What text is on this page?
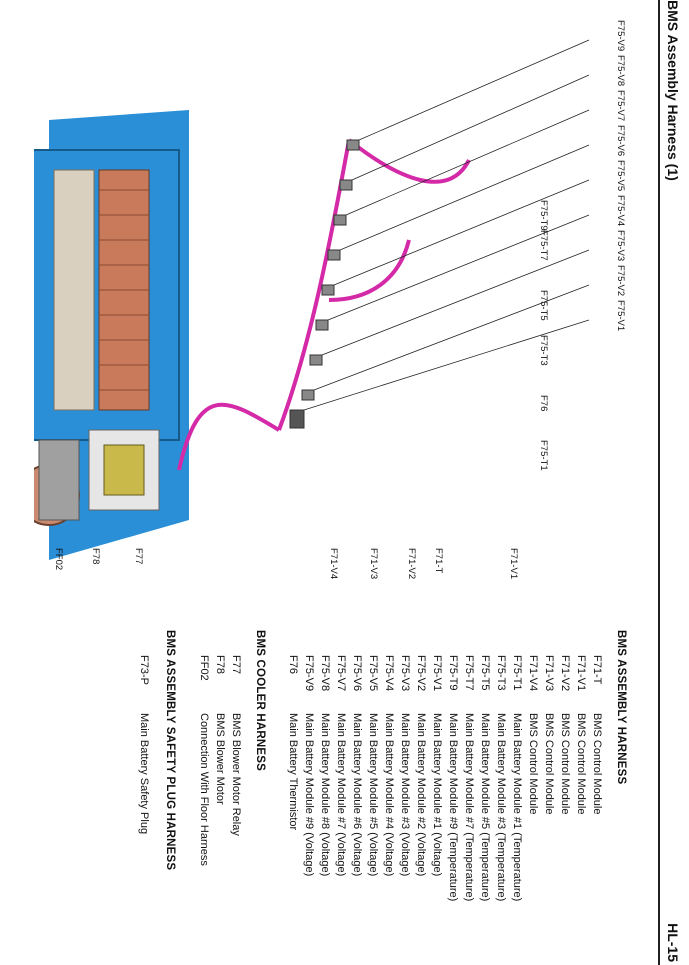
BMS Assembly Harness (1)
HL-15
F75-V9
F75-V8
F75-V7
F75-V6
F75-V5
F75-V4
F75-V3
F75-V2
F75-V1
F75-T9
F75-T7
F75-T5
F75-T3
F76
F75-T1
F71-V1
F71-T
F71-V2
F71-V3
F71-V4
F77
F78
FF02
BMS ASSEMBLY HARNESS
F71-T
BMS Control Module
F71-V1
BMS Control Module
F71-V2
BMS Control Module
F71-V3
BMS Control Module
F71-V4
BMS Control Module
F75-T1
Main Battery Module #1 (Temperature)
F75-T3
Main Battery Module #3 (Temperature)
F75-T5
Main Battery Module #5 (Temperature)
F75-T7
Main Battery Module #7 (Temperature)
F75-T9
Main Battery Module #9 (Temperature)
F75-V1
Main Battery Module #1 (Voltage)
F75-V2
Main Battery Module #2 (Voltage)
F75-V3
Main Battery Module #3 (Voltage)
F75-V4
Main Battery Module #4 (Voltage)
F75-V5
Main Battery Module #5 (Voltage)
F75-V6
Main Battery Module #6 (Voltage)
F75-V7
Main Battery Module #7 (Voltage)
F75-V8
Main Battery Module #8 (Voltage)
F75-V9
Main Battery Module #9 (Voltage)
F76
Main Battery Thermistor
BMS COOLER HARNESS
F77
BMS Blower Motor Relay
F78
BMS Blower Motor
FF02
Connection With Floor Harness
BMS ASSEMBLY SAFETY PLUG HARNESS
F73-P
Main Battery Safety Plug
